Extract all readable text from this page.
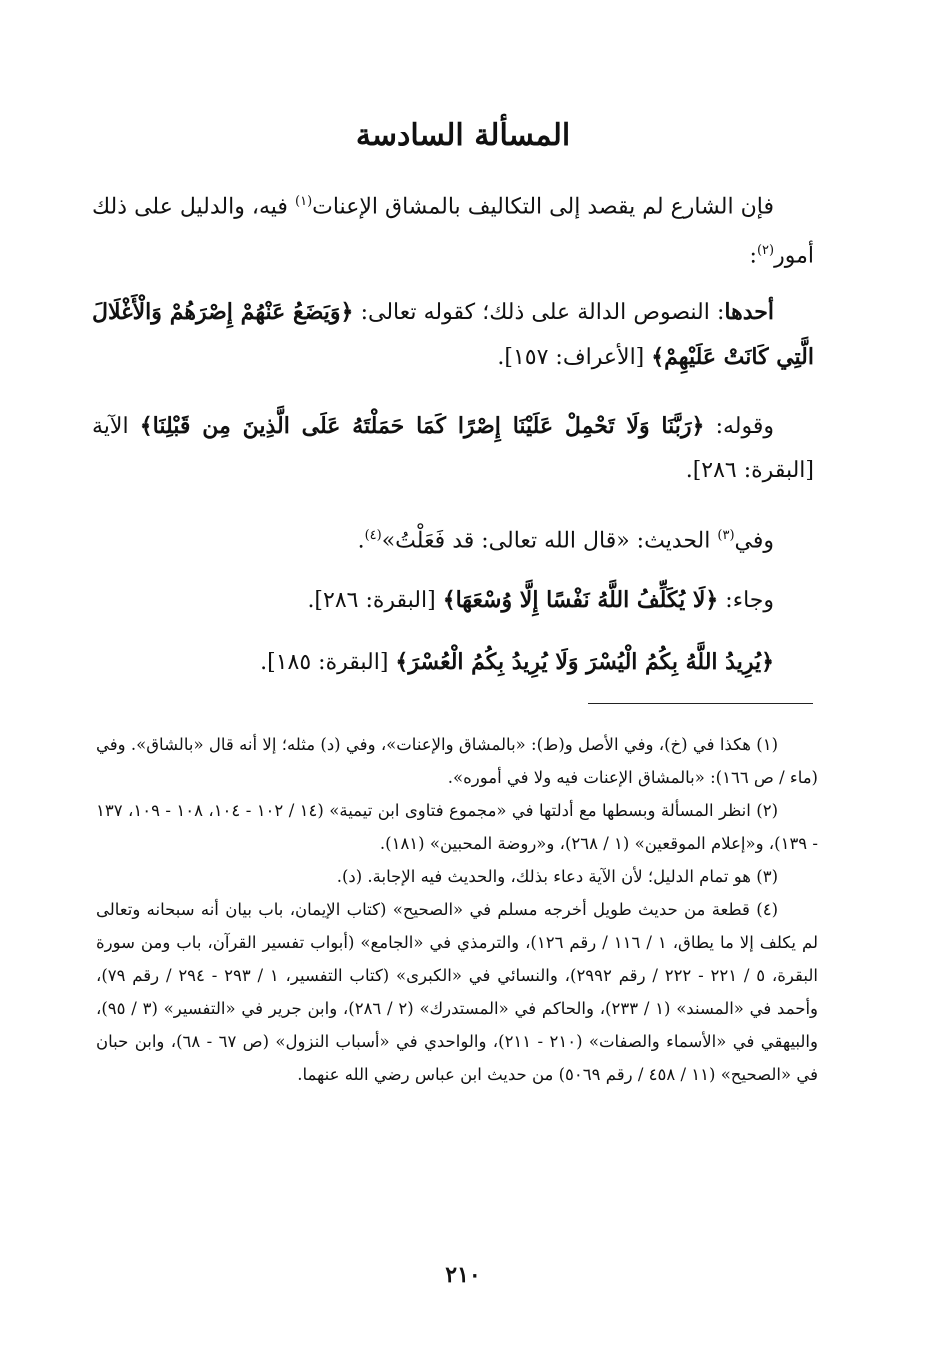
المسألة السادسة

فإن الشارع لم يقصد إلى التكاليف بالمشاق الإعنات$^{(١)}$ فيه، والدليل على ذلك أمور$^{(٢)}$:

أحدها: النصوص الدالة على ذلك؛ كقوله تعالى: ﴿وَيَضَعُ عَنْهُمْ إِصْرَهُمْ وَالْأَغْلَالَ الَّتِي كَانَتْ عَلَيْهِمْ﴾ [الأعراف: ١٥٧].

وقوله: ﴿رَبَّنَا وَلَا تَحْمِلْ عَلَيْنَا إِصْرًا كَمَا حَمَلْتَهُ عَلَى الَّذِينَ مِن قَبْلِنَا﴾ الآية [البقرة: ٢٨٦].

وفي$^{(٣)}$ الحديث: «قال الله تعالى: قد فَعَلْتُ»$^{(٤)}$.

وجاء: ﴿لَا يُكَلِّفُ اللَّهُ نَفْسًا إِلَّا وُسْعَهَا﴾ [البقرة: ٢٨٦].

﴿يُرِيدُ اللَّهُ بِكُمُ الْيُسْرَ وَلَا يُرِيدُ بِكُمُ الْعُسْرَ﴾ [البقرة: ١٨٥].

(١) هكذا في (خ)، وفي الأصل و(ط): «بالمشاق والإعنات»، وفي (د) مثله؛ إلا أنه قال «بالشاق». وفي (ماء / ص ١٦٦): «بالمشاق الإعنات فيه ولا في أموره».

(٢) انظر المسألة وبسطها مع أدلتها في «مجموع فتاوى ابن تيمية» (١٤ / ١٠٢ - ١٠٤، ١٠٨ - ١٠٩، ١٣٧ - ١٣٩)، و«إعلام الموقعين» (١ / ٢٦٨)، و«روضة المحبين» (١٨١).

(٣) هو تمام الدليل؛ لأن الآية دعاء بذلك، والحديث فيه الإجابة. (د).

(٤) قطعة من حديث طويل أخرجه مسلم في «الصحيح» (كتاب الإيمان، باب بيان أنه سبحانه وتعالى لم يكلف إلا ما يطاق، ١ / ١١٦ / رقم ١٢٦)، والترمذي في «الجامع» (أبواب تفسير القرآن، باب ومن سورة البقرة، ٥ / ٢٢١ - ٢٢٢ / رقم ٢٩٩٢)، والنسائي في «الكبرى» (كتاب التفسير، ١ / ٢٩٣ - ٢٩٤ / رقم ٧٩)، وأحمد في «المسند» (١ / ٢٣٣)، والحاكم في «المستدرك» (٢ / ٢٨٦)، وابن جرير في «التفسير» (٣ / ٩٥)، والبيهقي في «الأسماء والصفات» (٢١٠ - ٢١١)، والواحدي في «أسباب النزول» (ص ٦٧ - ٦٨)، وابن حبان في «الصحيح» (١١ / ٤٥٨ / رقم ٥٠٦٩) من حديث ابن عباس رضي الله عنهما.

٢١٠
